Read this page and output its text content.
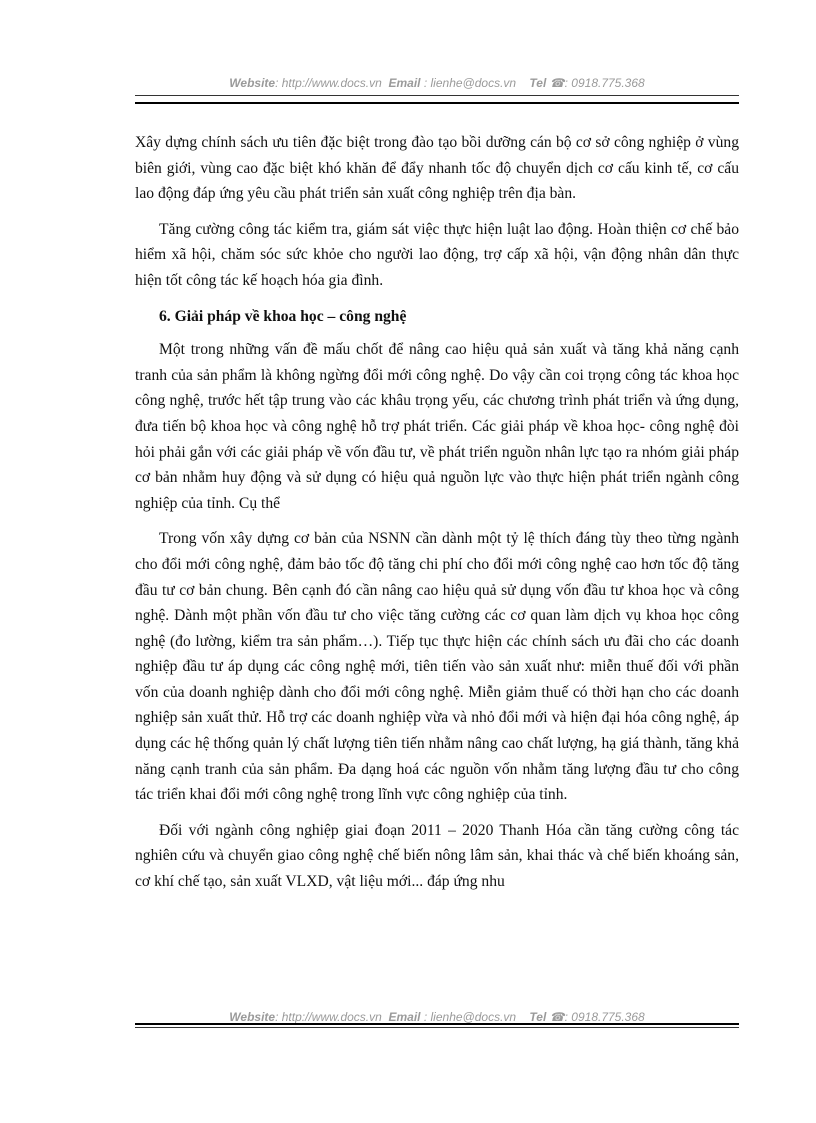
Website: http://www.docs.vn Email : lienhe@docs.vn Tel ☎: 0918.775.368

Xây dựng chính sách ưu tiên đặc biệt trong đào tạo bồi dưỡng cán bộ cơ sở công nghiệp ở vùng biên giới, vùng cao đặc biệt khó khăn để đẩy nhanh tốc độ chuyển dịch cơ cấu kinh tế, cơ cấu lao động đáp ứng yêu cầu phát triển sản xuất công nghiệp trên địa bàn.

Tăng cường công tác kiểm tra, giám sát việc thực hiện luật lao động. Hoàn thiện cơ chế bảo hiểm xã hội, chăm sóc sức khỏe cho người lao động, trợ cấp xã hội, vận động nhân dân thực hiện tốt công tác kế hoạch hóa gia đình.

6. Giải pháp về khoa học – công nghệ

Một trong những vấn đề mấu chốt để nâng cao hiệu quả sản xuất và tăng khả năng cạnh tranh của sản phẩm là không ngừng đổi mới công nghệ. Do vậy cần coi trọng công tác khoa học công nghệ, trước hết tập trung vào các khâu trọng yếu, các chương trình phát triển và ứng dụng, đưa tiến bộ khoa học và công nghệ hỗ trợ phát triển. Các giải pháp về khoa học- công nghệ đòi hỏi phải gắn với các giải pháp về vốn đầu tư, về phát triển nguồn nhân lực tạo ra nhóm giải pháp cơ bản nhằm huy động và sử dụng có hiệu quả nguồn lực vào thực hiện phát triển ngành công nghiệp của tỉnh. Cụ thể

Trong vốn xây dựng cơ bản của NSNN cần dành một tỷ lệ thích đáng tùy theo từng ngành cho đổi mới công nghệ, đảm bảo tốc độ tăng chi phí cho đổi mới công nghệ cao hơn tốc độ tăng đầu tư cơ bản chung. Bên cạnh đó cần nâng cao hiệu quả sử dụng vốn đầu tư khoa học và công nghệ. Dành một phần vốn đầu tư cho việc tăng cường các cơ quan làm dịch vụ khoa học công nghệ (đo lường, kiểm tra sản phẩm…). Tiếp tục thực hiện các chính sách ưu đãi cho các doanh nghiệp đầu tư áp dụng các công nghệ mới, tiên tiến vào sản xuất như: miễn thuế đối với phần vốn của doanh nghiệp dành cho đổi mới công nghệ. Miễn giảm thuế có thời hạn cho các doanh nghiệp sản xuất thử. Hỗ trợ các doanh nghiệp vừa và nhỏ đổi mới và hiện đại hóa công nghệ, áp dụng các hệ thống quản lý chất lượng tiên tiến nhằm nâng cao chất lượng, hạ giá thành, tăng khả năng cạnh tranh của sản phẩm. Đa dạng hoá các nguồn vốn nhằm tăng lượng đầu tư cho công tác triển khai đổi mới công nghệ trong lĩnh vực công nghiệp của tỉnh.

Đối với ngành công nghiệp giai đoạn 2011 – 2020 Thanh Hóa cần tăng cường công tác nghiên cứu và chuyển giao công nghệ chế biến nông lâm sản, khai thác và chế biến khoáng sản, cơ khí chế tạo, sản xuất VLXD, vật liệu mới... đáp ứng nhu

Website: http://www.docs.vn Email : lienhe@docs.vn Tel ☎: 0918.775.368
